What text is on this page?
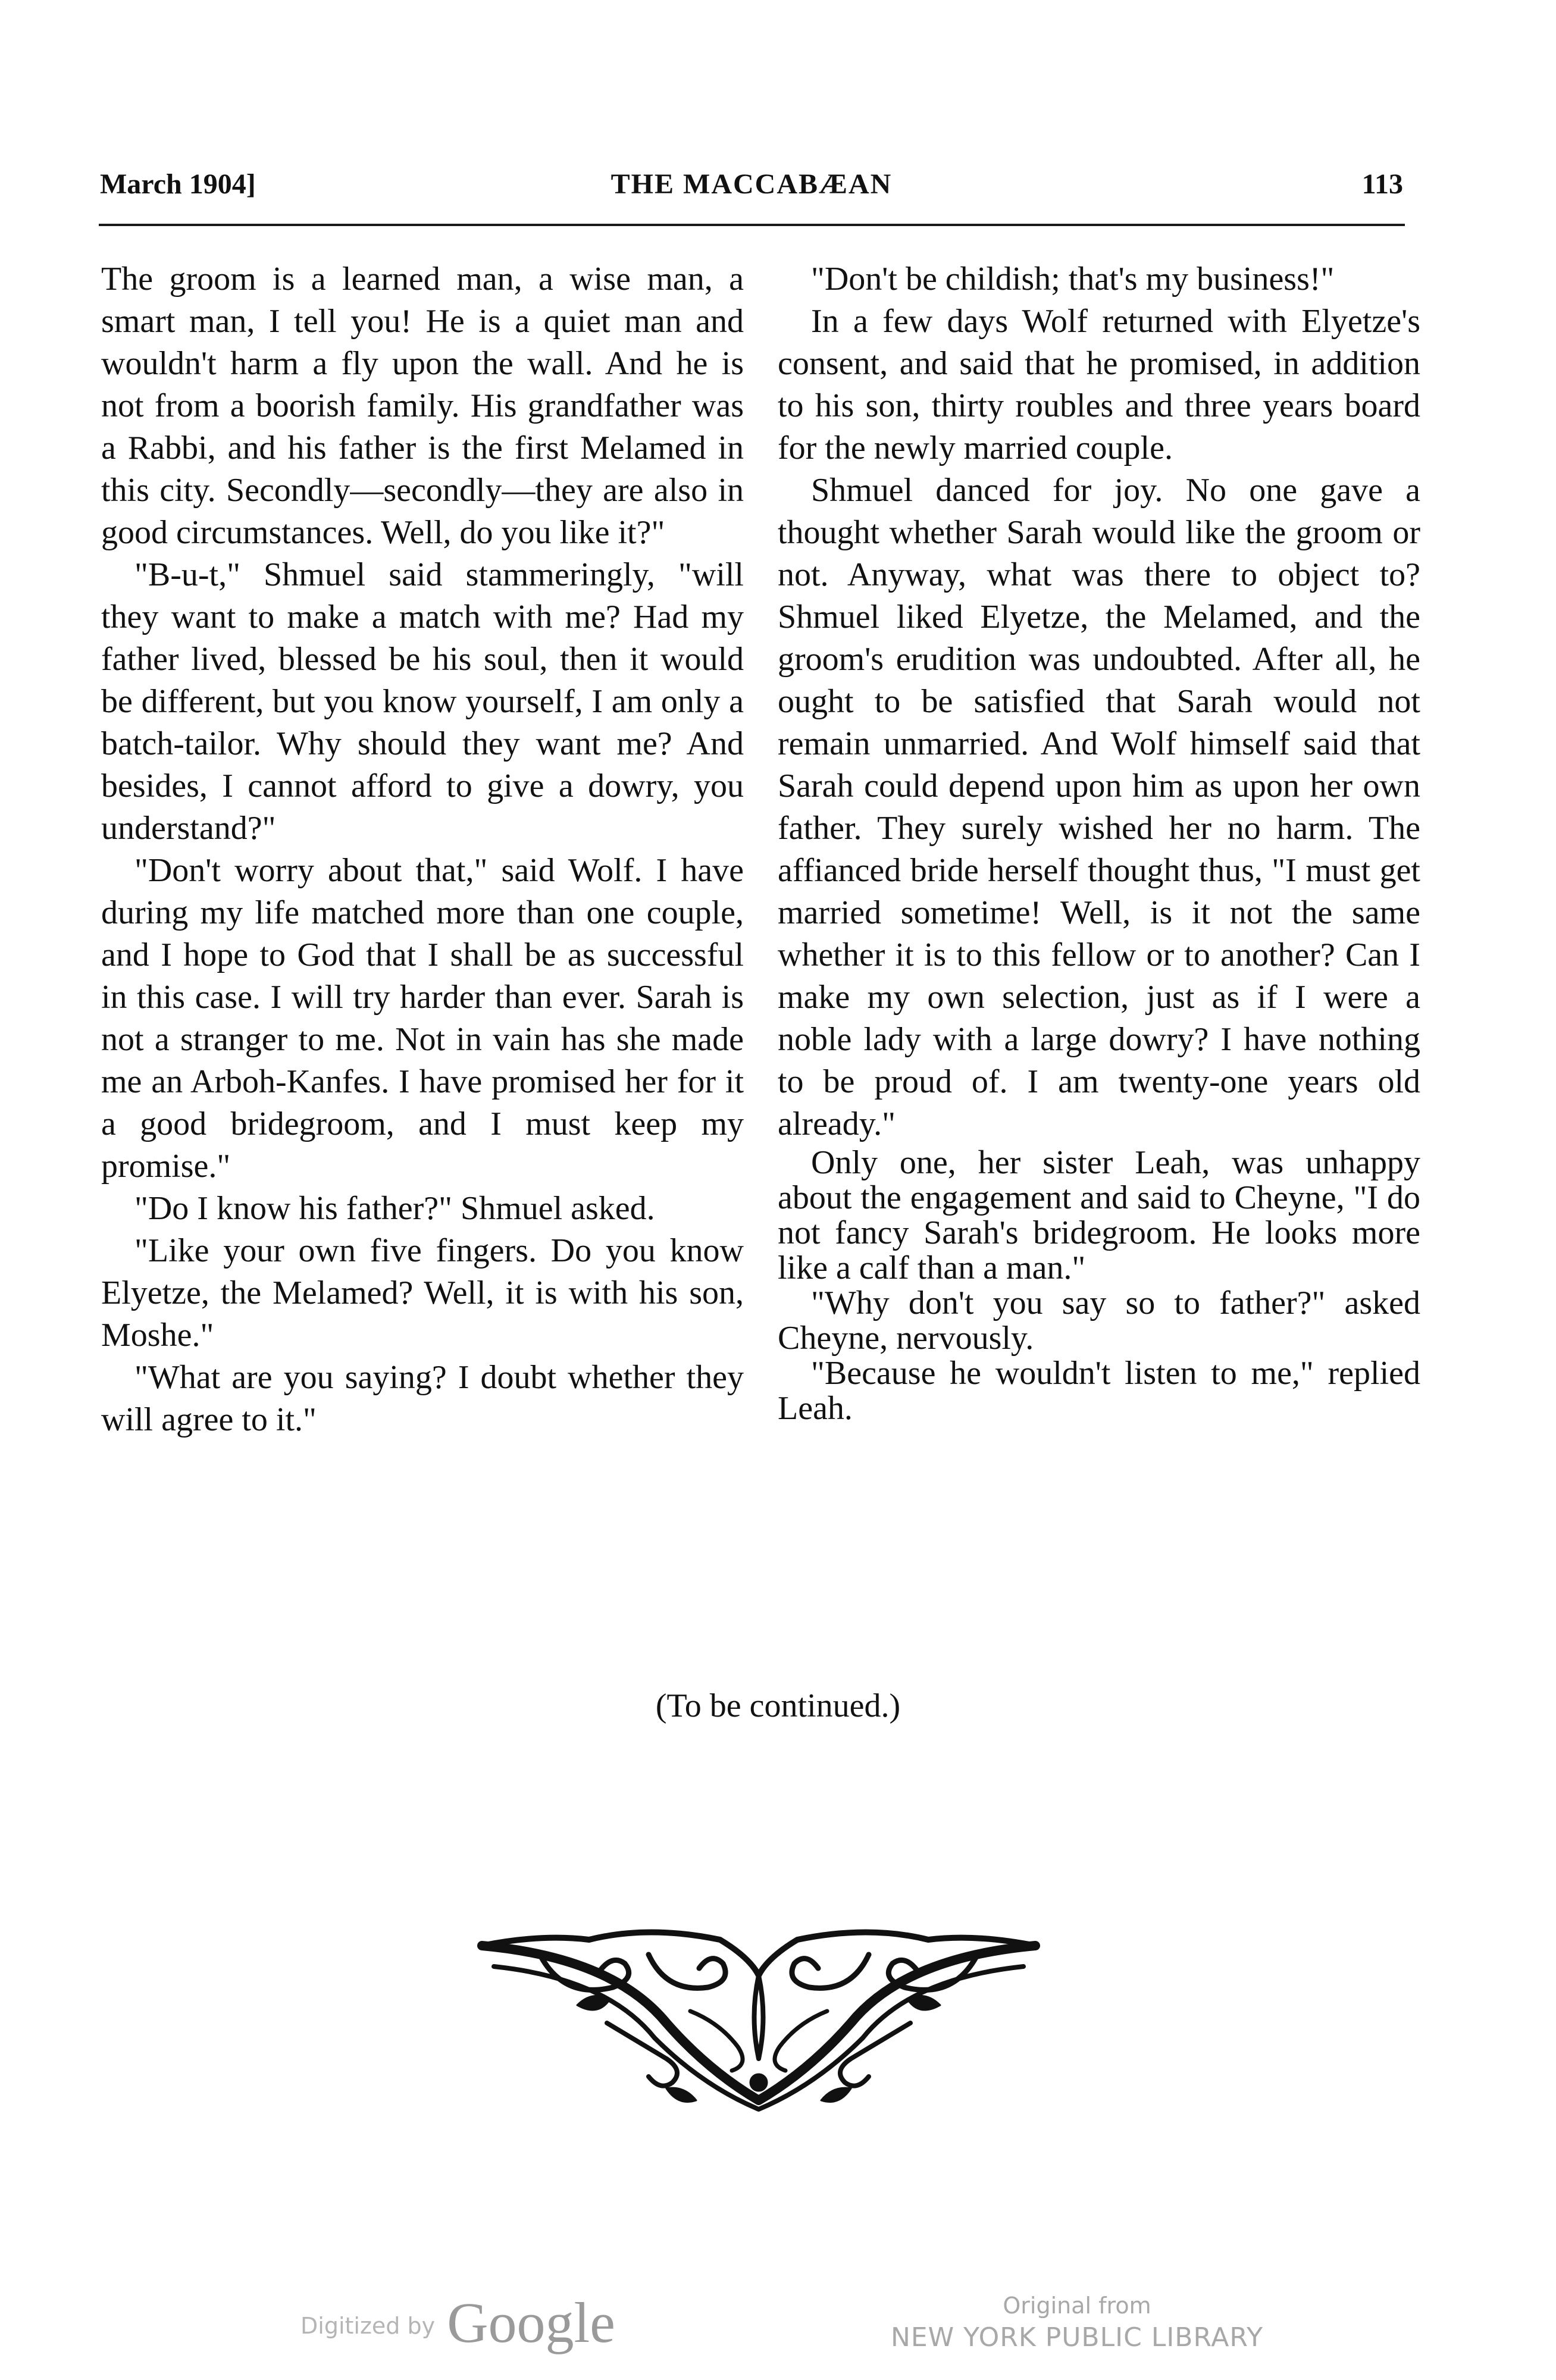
March 1904]	THE MACCABÆAN	113

The groom is a learned man, a wise man, a smart man, I tell you! He is a quiet man and wouldn't harm a fly upon the wall. And he is not from a boorish family. His grandfather was a Rabbi, and his father is the first Melamed in this city. Secondly—secondly—they are also in good circumstances. Well, do you like it?"

"B-u-t," Shmuel said stammeringly, "will they want to make a match with me? Had my father lived, blessed be his soul, then it would be different, but you know yourself, I am only a batch-tailor. Why should they want me? And besides, I cannot afford to give a dowry, you understand?"

"Don't worry about that," said Wolf. I have during my life matched more than one couple, and I hope to God that I shall be as successful in this case. I will try harder than ever. Sarah is not a stranger to me. Not in vain has she made me an Arboh-Kanfes. I have promised her for it a good bridegroom, and I must keep my promise."

"Do I know his father?" Shmuel asked.

"Like your own five fingers. Do you know Elyetze, the Melamed? Well, it is with his son, Moshe."

"What are you saying? I doubt whether they will agree to it."

"Don't be childish; that's my business!"

In a few days Wolf returned with Elyetze's consent, and said that he promised, in addition to his son, thirty roubles and three years board for the newly married couple.

Shmuel danced for joy. No one gave a thought whether Sarah would like the groom or not. Anyway, what was there to object to? Shmuel liked Elyetze, the Melamed, and the groom's erudition was undoubted. After all, he ought to be satisfied that Sarah would not remain unmarried. And Wolf himself said that Sarah could depend upon him as upon her own father. They surely wished her no harm. The affianced bride herself thought thus, "I must get married sometime! Well, is it not the same whether it is to this fellow or to another? Can I make my own selection, just as if I were a noble lady with a large dowry? I have nothing to be proud of. I am twenty-one years old already."

Only one, her sister Leah, was unhappy about the engagement and said to Cheyne, "I do not fancy Sarah's bridegroom. He looks more like a calf than a man."

"Why don't you say so to father?" asked Cheyne, nervously.

"Because he wouldn't listen to me," replied Leah.

(To be continued.)
Digitized by Google	Original from
NEW YORK PUBLIC LIBRARY
